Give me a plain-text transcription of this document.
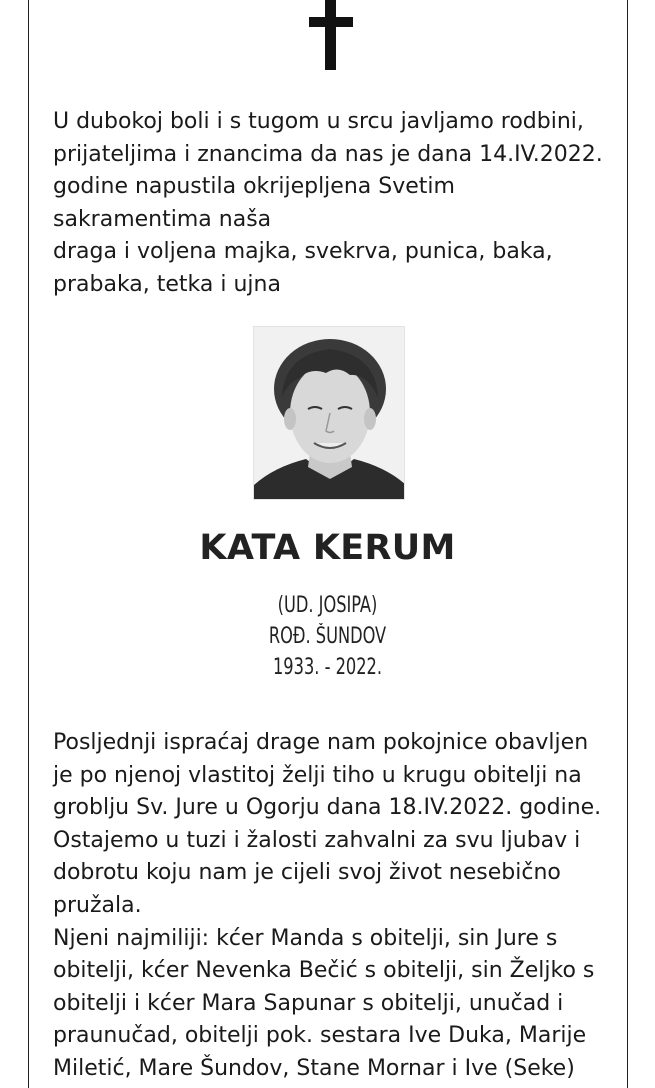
U dubokoj boli i s tugom u srcu javljamo rodbini,
prijateljima i znancima da nas je dana 14.IV.2022.
godine napustila okrijepljena Svetim
sakramentima naša
draga i voljena majka, svekrva, punica, baka,
prabaka, tetka i ujna
KATA KERUM
(UD. JOSIPA)
ROĐ. ŠUNDOV
1933. - 2022.
Posljednji ispraćaj drage nam pokojnice obavljen
je po njenoj vlastitoj želji tiho u krugu obitelji na
groblju Sv. Jure u Ogorju dana 18.IV.2022. godine.
Ostajemo u tuzi i žalosti zahvalni za svu ljubav i
dobrotu koju nam je cijeli svoj život nesebično
pružala.
Njeni najmiliji: kćer Manda s obitelji, sin Jure s
obitelji, kćer Nevenka Bečić s obitelji, sin Željko s
obitelji i kćer Mara Sapunar s obitelji, unučad i
praunučad, obitelji pok. sestara Ive Duka, Marije
Miletić, Mare Šundov, Stane Mornar i Ive (Seke)
